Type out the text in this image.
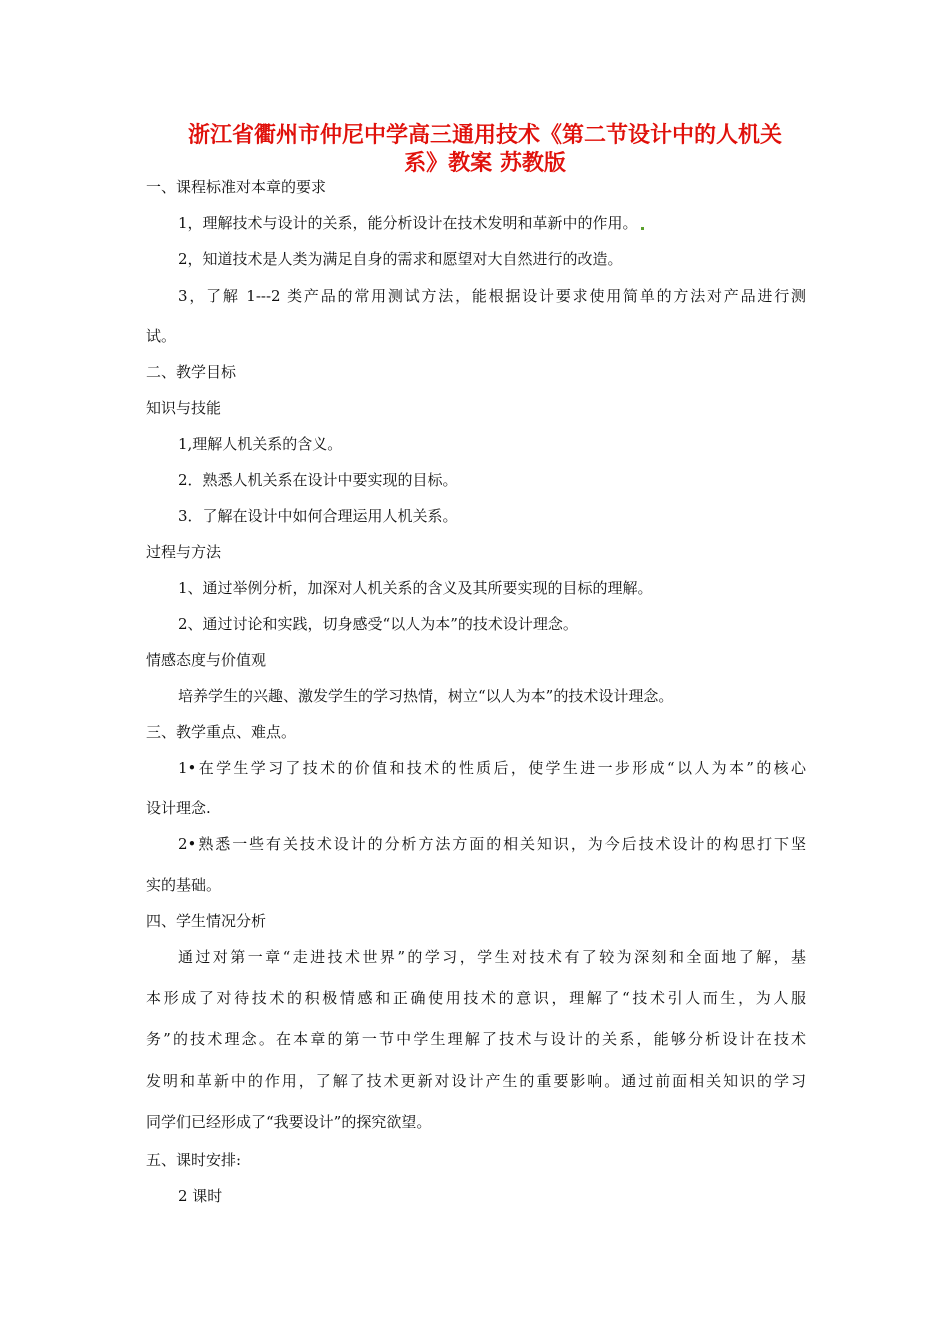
浙江省衢州市仲尼中学高三通用技术《第二节设计中的人机关
系》教案 苏教版
一、课程标准对本章的要求
1，理解技术与设计的关系，能分析设计在技术发明和革新中的作用。
2，知道技术是人类为满足自身的需求和愿望对大自然进行的改造。
3，了解 1---2 类产品的常用测试方法，能根据设计要求使用简单的方法对产品进行测
试。
二、教学目标
知识与技能
1,理解人机关系的含义。
2．熟悉人机关系在设计中要实现的目标。
3．了解在设计中如何合理运用人机关系。
过程与方法
1、通过举例分析，加深对人机关系的含义及其所要实现的目标的理解。
2、通过讨论和实践，切身感受“以人为本”的技术设计理念。
情感态度与价值观
培养学生的兴趣、激发学生的学习热情，树立“以人为本”的技术设计理念。
三、教学重点、难点。
1•在学生学习了技术的价值和技术的性质后，使学生进一步形成“以人为本”的核心
设计理念.
2•熟悉一些有关技术设计的分析方法方面的相关知识，为今后技术设计的构思打下坚
实的基础。
四、学生情况分析
通过对第一章“走进技术世界”的学习，学生对技术有了较为深刻和全面地了解，基
本形成了对待技术的积极情感和正确使用技术的意识，理解了“技术引人而生，为人服
务”的技术理念。在本章的第一节中学生理解了技术与设计的关系，能够分析设计在技术
发明和革新中的作用，了解了技术更新对设计产生的重要影响。通过前面相关知识的学习
同学们已经形成了“我要设计”的探究欲望。
五、课时安排:
2 课时
